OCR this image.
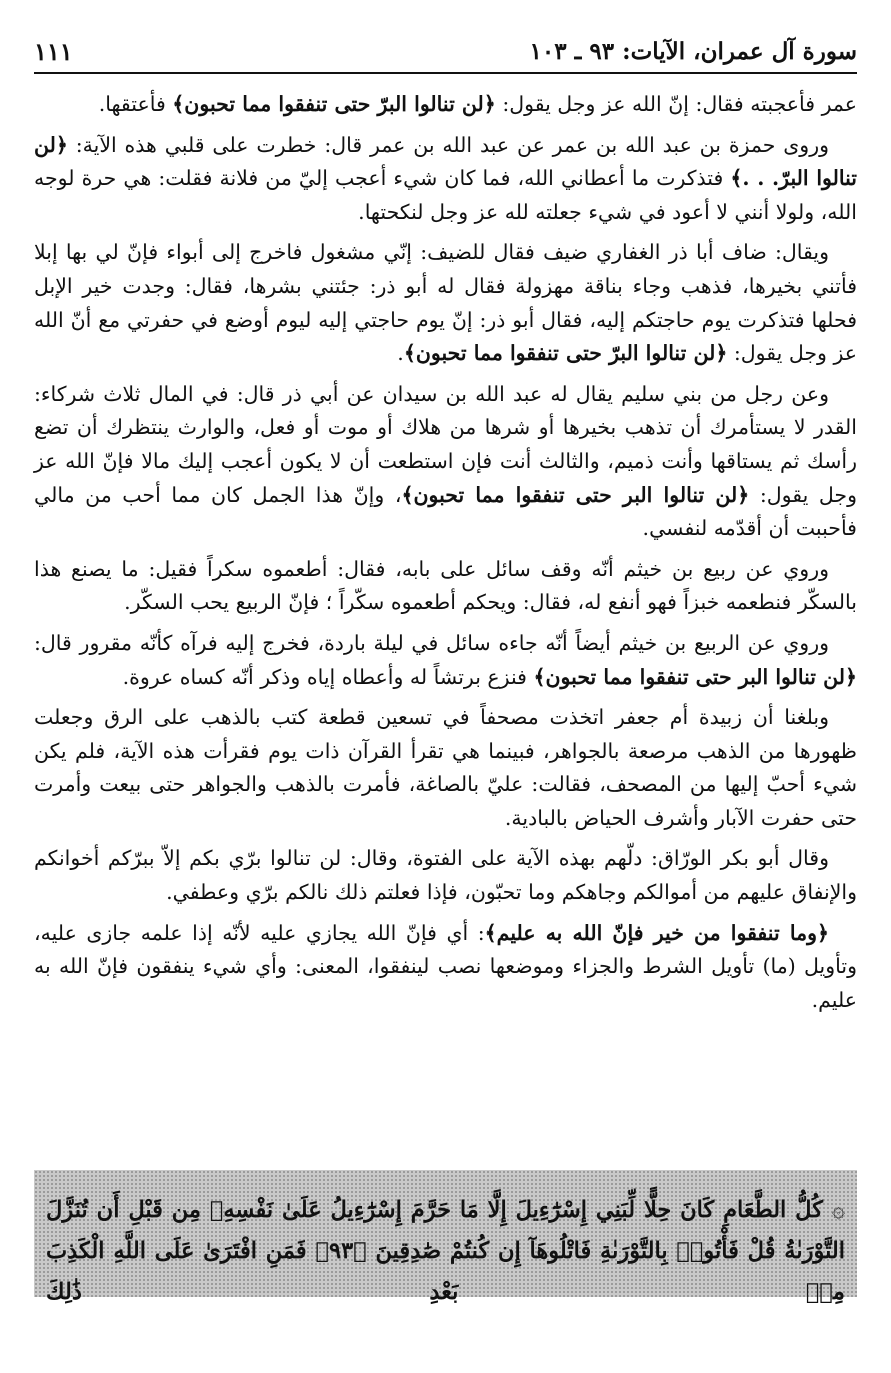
سورة آل عمران، الآيات: ٩٣ ـ ١٠٣
١١١

عمر فأعجبته فقال: إنّ الله عز وجل يقول: ﴿لن تنالوا البرّ حتى تنفقوا مما تحبون﴾ فأعتقها.

وروى حمزة بن عبد الله بن عمر عن عبد الله بن عمر قال: خطرت على قلبي هذه الآية: ﴿لن تنالوا البرّ. . .﴾ فتذكرت ما أعطاني الله، فما كان شيء أعجب إليّ من فلانة فقلت: هي حرة لوجه الله، ولولا أنني لا أعود في شيء جعلته لله عز وجل لنكحتها.

ويقال: ضاف أبا ذر الغفاري ضيف فقال للضيف: إنّي مشغول فاخرج إلى أبواء فإنّ لي بها إبلا فأتني بخيرها، فذهب وجاء بناقة مهزولة فقال له أبو ذر: جئتني بشرها، فقال: وجدت خير الإبل فحلها فتذكرت يوم حاجتكم إليه، فقال أبو ذر: إنّ يوم حاجتي إليه ليوم أوضع في حفرتي مع أنّ الله عز وجل يقول: ﴿لن تنالوا البرّ حتى تنفقوا مما تحبون﴾.

وعن رجل من بني سليم يقال له عبد الله بن سيدان عن أبي ذر قال: في المال ثلاث شركاء: القدر لا يستأمرك أن تذهب بخيرها أو شرها من هلاك أو موت أو فعل، والوارث ينتظرك أن تضع رأسك ثم يستاقها وأنت ذميم، والثالث أنت فإن استطعت أن لا يكون أعجب إليك مالا فإنّ الله عز وجل يقول: ﴿لن تنالوا البر حتى تنفقوا مما تحبون﴾، وإنّ هذا الجمل كان مما أحب من مالي فأحببت أن أقدّمه لنفسي.

وروي عن ربيع بن خيثم أنّه وقف سائل على بابه، فقال: أطعموه سكراً فقيل: ما يصنع هذا بالسكّر فنطعمه خبزاً فهو أنفع له، فقال: ويحكم أطعموه سكّراً ؛ فإنّ الربيع يحب السكّر.

وروي عن الربيع بن خيثم أيضاً أنّه جاءه سائل في ليلة باردة، فخرج إليه فرآه كأنّه مقرور قال: ﴿لن تنالوا البر حتى تنفقوا مما تحبون﴾ فنزع برتشاً له وأعطاه إياه وذكر أنّه كساه عروة.

وبلغنا أن زبيدة أم جعفر اتخذت مصحفاً في تسعين قطعة كتب بالذهب على الرق وجعلت ظهورها من الذهب مرصعة بالجواهر، فبينما هي تقرأ القرآن ذات يوم فقرأت هذه الآية، فلم يكن شيء أحبّ إليها من المصحف، فقالت: عليّ بالصاغة، فأمرت بالذهب والجواهر حتى بيعت وأمرت حتى حفرت الآبار وأشرف الحياض بالبادية.

وقال أبو بكر الورّاق: دلّهم بهذه الآية على الفتوة، وقال: لن تنالوا برّي بكم إلاّ ببرّكم أخوانكم والإنفاق عليهم من أموالكم وجاهكم وما تحبّون، فإذا فعلتم ذلك نالكم برّي وعطفي.

﴿وما تنفقوا من خير فإنّ الله به عليم﴾: أي فإنّ الله يجازي عليه لأنّه إذا علمه جازى عليه، وتأويل (ما) تأويل الشرط والجزاء وموضعها نصب لينفقوا، المعنى: وأي شيء ينفقون فإنّ الله به عليم.

۞ كُلُّ الطَّعَامِ كَانَ حِلًّا لِّبَنِي إِسْرَٰٓءِيلَ إِلَّا مَا حَرَّمَ إِسْرَٰٓءِيلُ عَلَىٰ نَفْسِهِۦ مِن قَبْلِ أَن تُنَزَّلَ التَّوْرَىٰةُ قُلْ فَأْتُوا۟ بِالتَّوْرَىٰةِ فَاتْلُوهَآ إِن كُنتُمْ صَٰدِقِينَ ﴿٩٣﴾ فَمَنِ افْتَرَىٰ عَلَى اللَّهِ الْكَذِبَ مِنۢ بَعْدِ ذَٰلِكَ
